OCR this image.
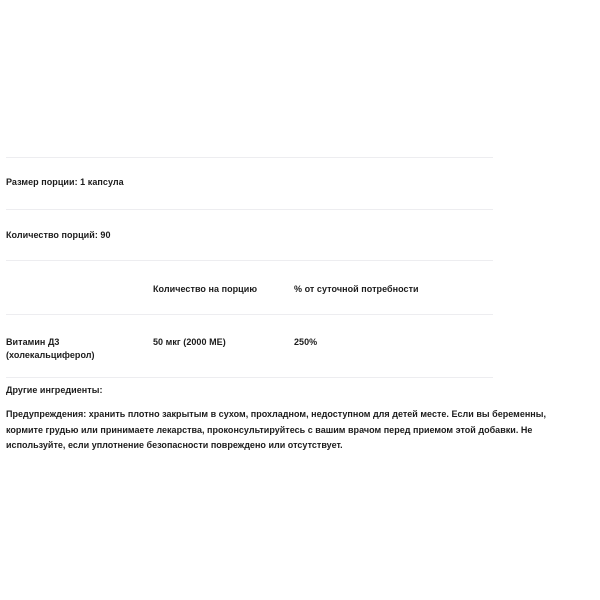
Размер порции: 1 капсула

Количество порций: 90

Количество на порцию	% от суточной потребности

Витамин Д3
(холекальциферол)

50 мкг (2000 МЕ)	250%

Другие ингредиенты:

Предупреждения: хранить плотно закрытым в сухом, прохладном, недоступном для детей месте. Если вы беременны, кормите грудью или принимаете лекарства, проконсультируйтесь с вашим врачом перед приемом этой добавки. Не используйте, если уплотнение безопасности повреждено или отсутствует.
